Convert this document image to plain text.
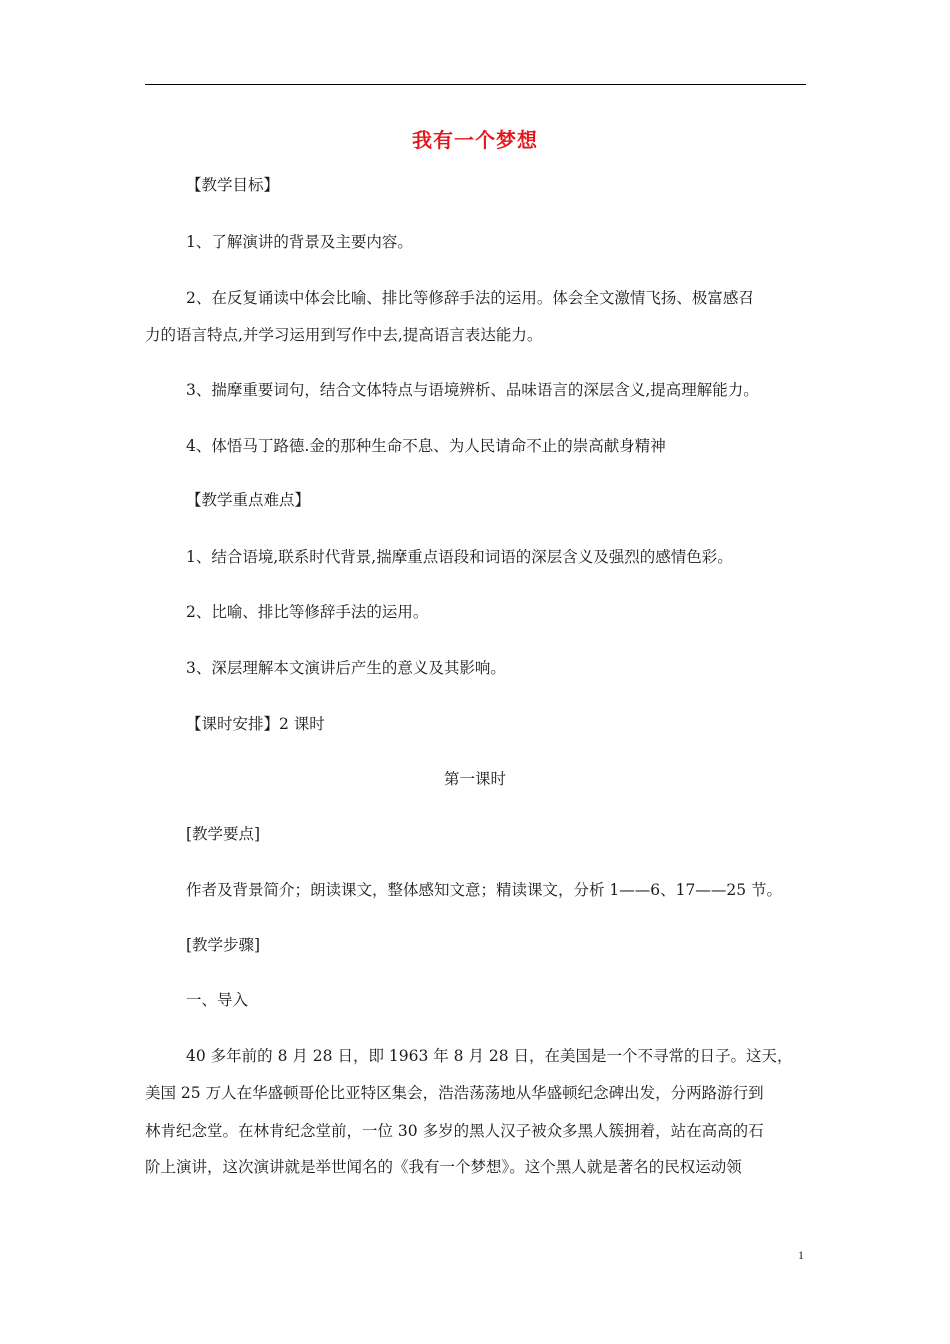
我有一个梦想
【教学目标】
1、了解演讲的背景及主要内容。
2、在反复诵读中体会比喻、排比等修辞手法的运用。体会全文激情飞扬、极富感召
力的语言特点,并学习运用到写作中去,提高语言表达能力。
3、揣摩重要词句，结合文体特点与语境辨析、品味语言的深层含义,提高理解能力。
4、体悟马丁路德.金的那种生命不息、为人民请命不止的崇高献身精神
【教学重点难点】
1、结合语境,联系时代背景,揣摩重点语段和词语的深层含义及强烈的感情色彩。
2、比喻、排比等修辞手法的运用。
3、深层理解本文演讲后产生的意义及其影响。
【课时安排】2 课时
第一课时
[教学要点]
作者及背景简介；朗读课文，整体感知文意；精读课文，分析 1——6、17——25 节。
[教学步骤]
一、导入
40 多年前的 8 月 28 日，即 1963 年 8 月 28 日，在美国是一个不寻常的日子。这天，
美国 25 万人在华盛顿哥伦比亚特区集会，浩浩荡荡地从华盛顿纪念碑出发，分两路游行到
林肯纪念堂。在林肯纪念堂前，一位 30 多岁的黑人汉子被众多黑人簇拥着，站在高高的石
阶上演讲，这次演讲就是举世闻名的《我有一个梦想》。这个黑人就是著名的民权运动领
1
